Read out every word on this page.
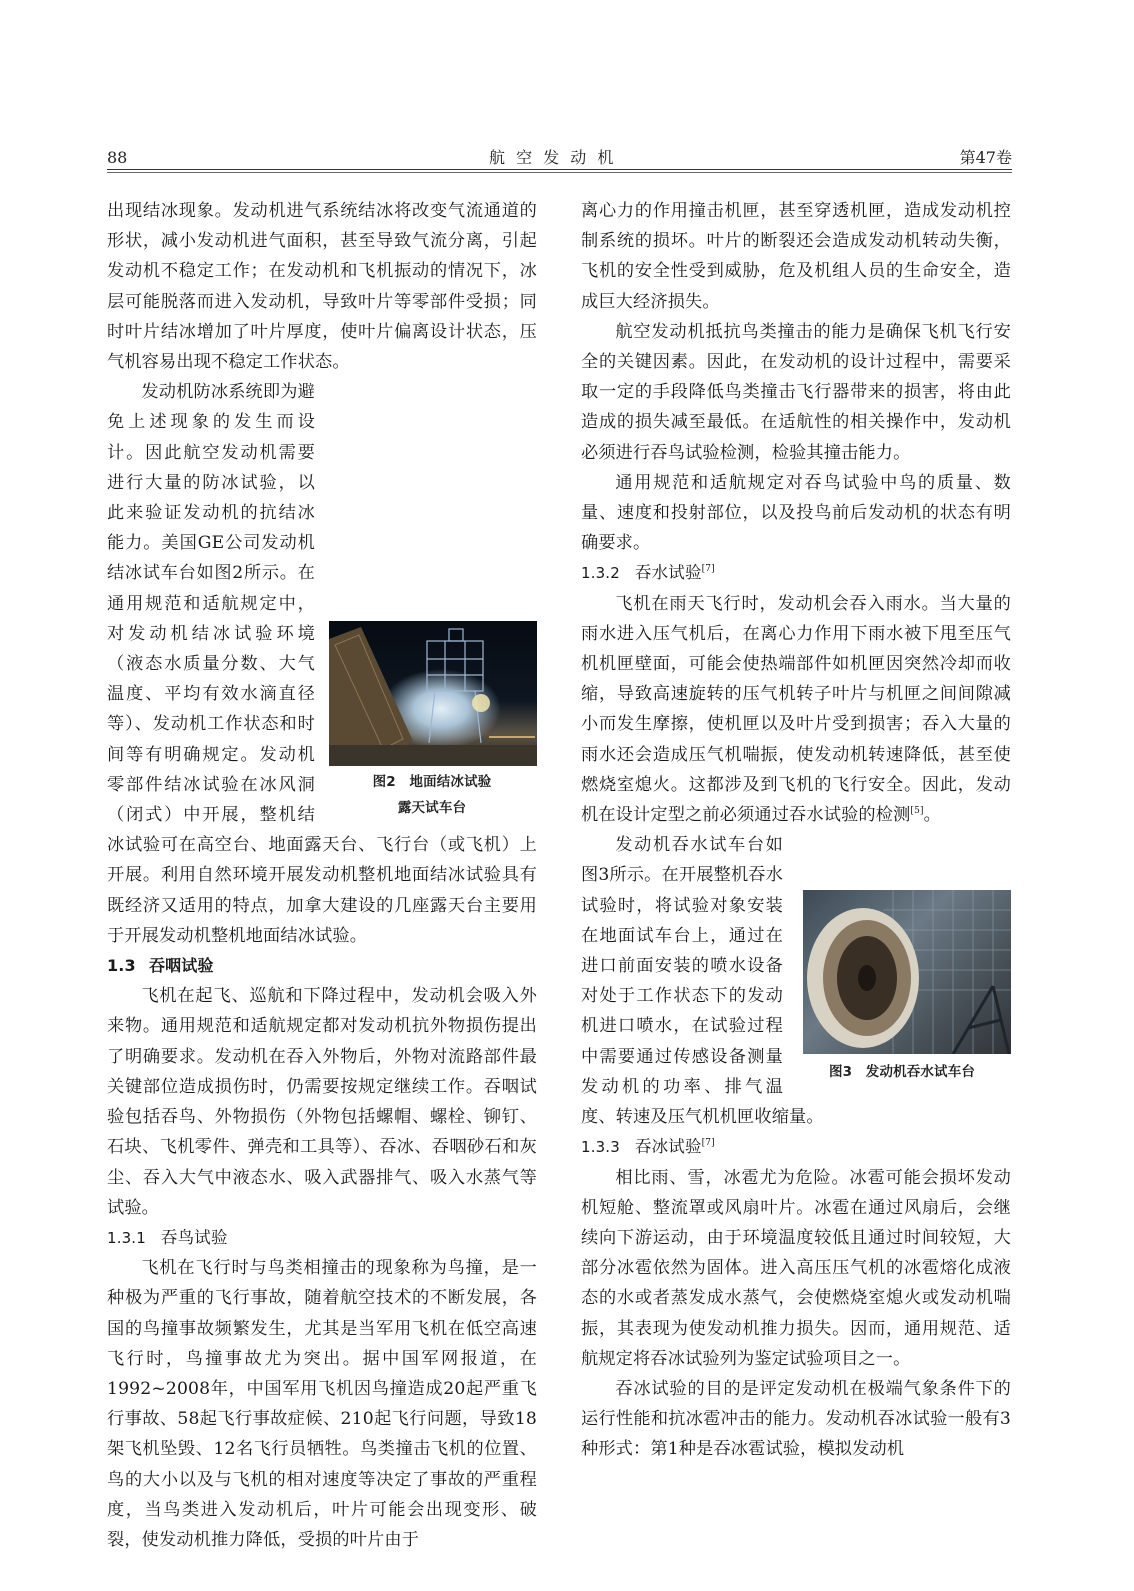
88	航 空 发 动 机	第47卷

出现结冰现象。发动机进气系统结冰将改变气流通道的形状，减小发动机进气面积，甚至导致气流分离，引起发动机不稳定工作；在发动机和飞机振动的情况下，冰层可能脱落而进入发动机，导致叶片等零部件受损；同时叶片结冰增加了叶片厚度，使叶片偏离设计状态，压气机容易出现不稳定工作状态。

图2　地面结冰试验
露天试车台

发动机防冰系统即为避免上述现象的发生而设计。因此航空发动机需要进行大量的防冰试验，以此来验证发动机的抗结冰能力。美国GE公司发动机结冰试车台如图2所示。在通用规范和适航规定中，对发动机结冰试验环境（液态水质量分数、大气温度、平均有效水滴直径等）、发动机工作状态和时间等有明确规定。发动机零部件结冰试验在冰风洞（闭式）中开展，整机结冰试验可在高空台、地面露天台、飞行台（或飞机）上开展。利用自然环境开展发动机整机地面结冰试验具有既经济又适用的特点，加拿大建设的几座露天台主要用于开展发动机整机地面结冰试验。

1.3 吞咽试验

飞机在起飞、巡航和下降过程中，发动机会吸入外来物。通用规范和适航规定都对发动机抗外物损伤提出了明确要求。发动机在吞入外物后，外物对流路部件最关键部位造成损伤时，仍需要按规定继续工作。吞咽试验包括吞鸟、外物损伤（外物包括螺帽、螺栓、铆钉、石块、飞机零件、弹壳和工具等）、吞冰、吞咽砂石和灰尘、吞入大气中液态水、吸入武器排气、吸入水蒸气等试验。

1.3.1 吞鸟试验

飞机在飞行时与鸟类相撞击的现象称为鸟撞，是一种极为严重的飞行事故，随着航空技术的不断发展，各国的鸟撞事故频繁发生，尤其是当军用飞机在低空高速飞行时，鸟撞事故尤为突出。据中国军网报道，在1992~2008年，中国军用飞机因鸟撞造成20起严重飞行事故、58起飞行事故症候、210起飞行问题，导致18架飞机坠毁、12名飞行员牺牲。鸟类撞击飞机的位置、鸟的大小以及与飞机的相对速度等决定了事故的严重程度，当鸟类进入发动机后，叶片可能会出现变形、破裂，使发动机推力降低，受损的叶片由于

离心力的作用撞击机匣，甚至穿透机匣，造成发动机控制系统的损坏。叶片的断裂还会造成发动机转动失衡，飞机的安全性受到威胁，危及机组人员的生命安全，造成巨大经济损失。

航空发动机抵抗鸟类撞击的能力是确保飞机飞行安全的关键因素。因此，在发动机的设计过程中，需要采取一定的手段降低鸟类撞击飞行器带来的损害，将由此造成的损失减至最低。在适航性的相关操作中，发动机必须进行吞鸟试验检测，检验其撞击能力。

通用规范和适航规定对吞鸟试验中鸟的质量、数量、速度和投射部位，以及投鸟前后发动机的状态有明确要求。

1.3.2 吞水试验[7]

飞机在雨天飞行时，发动机会吞入雨水。当大量的雨水进入压气机后，在离心力作用下雨水被下甩至压气机机匣壁面，可能会使热端部件如机匣因突然冷却而收缩，导致高速旋转的压气机转子叶片与机匣之间间隙减小而发生摩擦，使机匣以及叶片受到损害；吞入大量的雨水还会造成压气机喘振，使发动机转速降低，甚至使燃烧室熄火。这都涉及到飞机的飞行安全。因此，发动机在设计定型之前必须通过吞水试验的检测[5]。

图3　发动机吞水试车台

发动机吞水试车台如图3所示。在开展整机吞水试验时，将试验对象安装在地面试车台上，通过在进口前面安装的喷水设备对处于工作状态下的发动机进口喷水，在试验过程中需要通过传感设备测量发动机的功率、排气温度、转速及压气机机匣收缩量。

1.3.3 吞冰试验[7]

相比雨、雪，冰雹尤为危险。冰雹可能会损坏发动机短舱、整流罩或风扇叶片。冰雹在通过风扇后，会继续向下游运动，由于环境温度较低且通过时间较短，大部分冰雹依然为固体。进入高压压气机的冰雹熔化成液态的水或者蒸发成水蒸气，会使燃烧室熄火或发动机喘振，其表现为使发动机推力损失。因而，通用规范、适航规定将吞冰试验列为鉴定试验项目之一。

吞冰试验的目的是评定发动机在极端气象条件下的运行性能和抗冰雹冲击的能力。发动机吞冰试验一般有3种形式：第1种是吞冰雹试验，模拟发动机
